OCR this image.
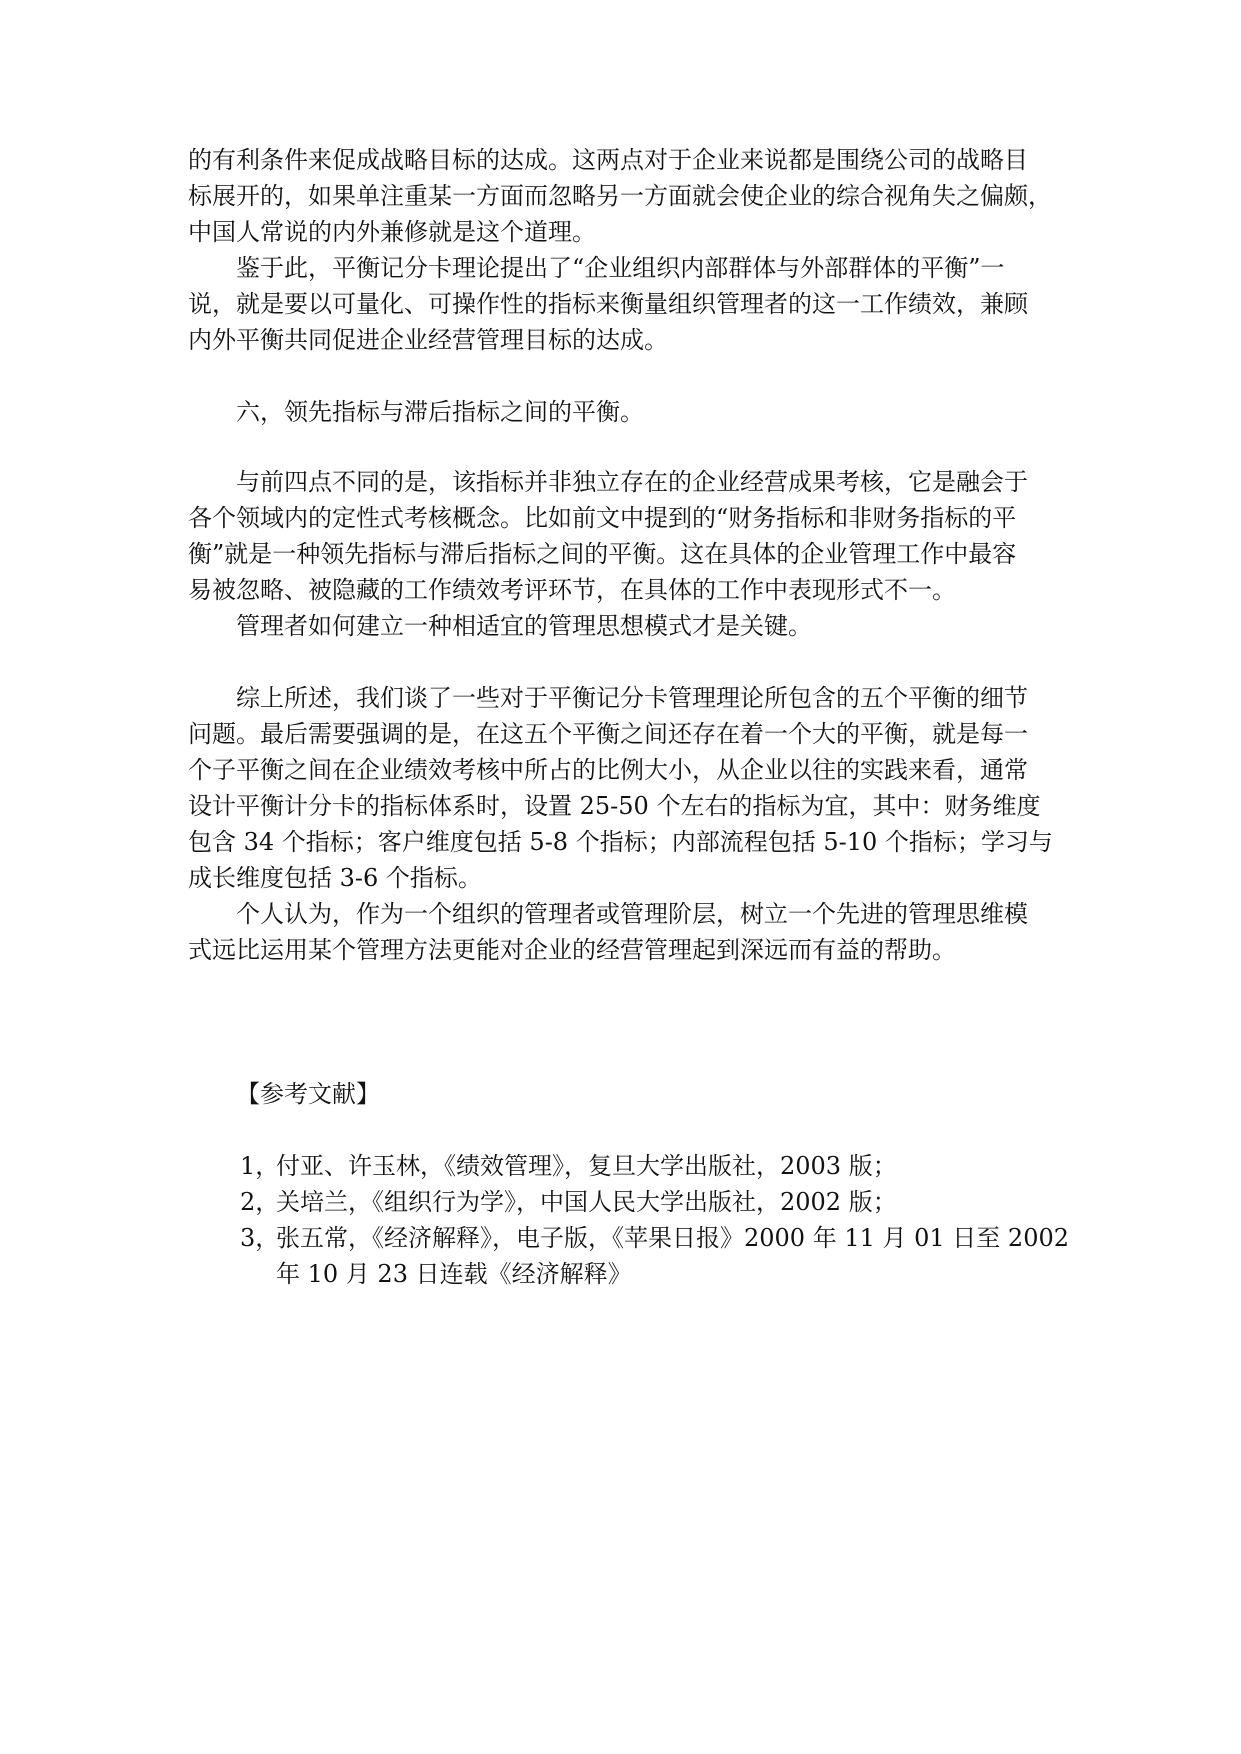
的有利条件来促成战略目标的达成。这两点对于企业来说都是围绕公司的战略目

标展开的，如果单注重某一方面而忽略另一方面就会使企业的综合视角失之偏颇，

中国人常说的内外兼修就是这个道理。

鉴于此，平衡记分卡理论提出了“企业组织内部群体与外部群体的平衡”一

说，就是要以可量化、可操作性的指标来衡量组织管理者的这一工作绩效，兼顾

内外平衡共同促进企业经营管理目标的达成。

六，领先指标与滞后指标之间的平衡。

与前四点不同的是，该指标并非独立存在的企业经营成果考核，它是融会于

各个领域内的定性式考核概念。比如前文中提到的“财务指标和非财务指标的平

衡”就是一种领先指标与滞后指标之间的平衡。这在具体的企业管理工作中最容

易被忽略、被隐藏的工作绩效考评环节，在具体的工作中表现形式不一。

管理者如何建立一种相适宜的管理思想模式才是关键。

综上所述，我们谈了一些对于平衡记分卡管理理论所包含的五个平衡的细节

问题。最后需要强调的是，在这五个平衡之间还存在着一个大的平衡，就是每一

个子平衡之间在企业绩效考核中所占的比例大小，从企业以往的实践来看，通常

设计平衡计分卡的指标体系时，设置 25-50 个左右的指标为宜，其中：财务维度

包含 34 个指标；客户维度包括 5-8 个指标；内部流程包括 5-10 个指标；学习与

成长维度包括 3-6 个指标。

个人认为，作为一个组织的管理者或管理阶层，树立一个先进的管理思维模

式远比运用某个管理方法更能对企业的经营管理起到深远而有益的帮助。

【参考文献】

1，
付亚、许玉林，《绩效管理》，复旦大学出版社，2003 版；
2，
关培兰，《组织行为学》，中国人民大学出版社，2002 版；
3，
张五常，《经济解释》，电子版，《苹果日报》2000 年 11 月 01 日至 2002
年 10 月 23 日连载《经济解释》
